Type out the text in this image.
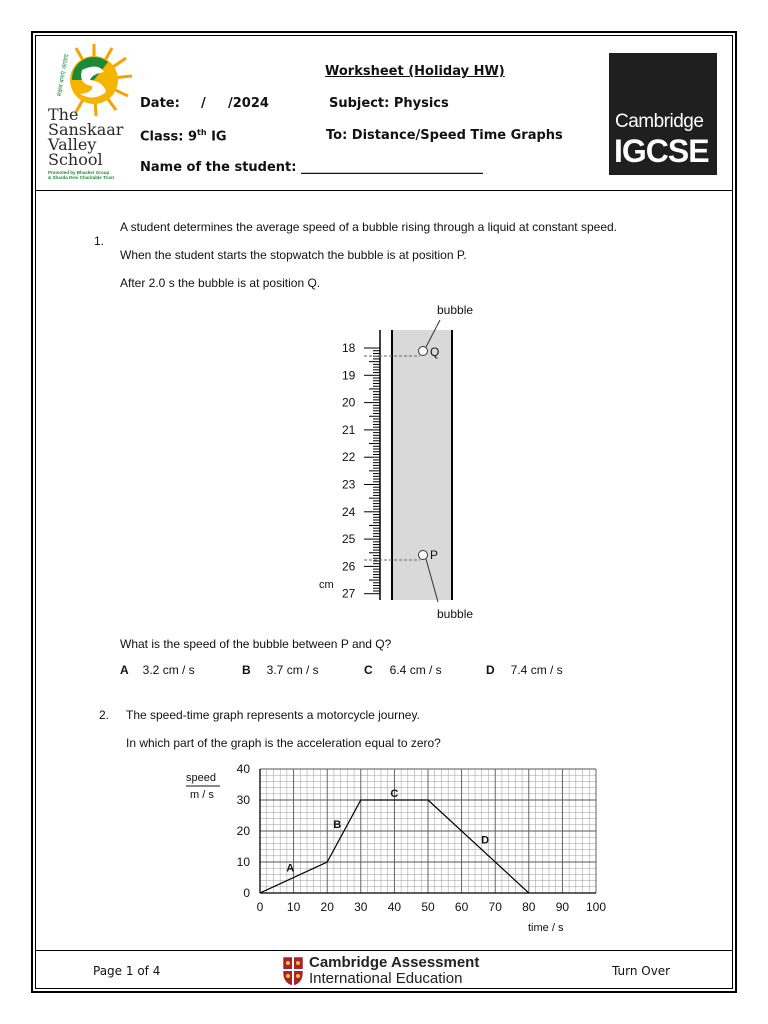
सक्षम बनाएं आज़ाद
The
Sanskaar
Valley
School
Promoted by Bhasker Group
& Sharda Devi Charitable Trust
Worksheet (Holiday HW)
Date: / /2024	Subject: Physics
Class: 9th IG	To: Distance/Speed Time Graphs
Name of the student: ____________________________
Cambridge
IGCSE
1.
A student determines the average speed of a bubble rising through a liquid at constant speed.
When the student starts the stopwatch the bubble is at position P.
After 2.0 s the bubble is at position Q.
18
19
20
21
22
23
24
25
26
27
cm
Q
P
bubble
bubble
What is the speed of the bubble between P and Q?
A 3.2 cm / s	B 3.7 cm / s	C 6.4 cm / s	D 7.4 cm / s
2. The speed-time graph represents a motorcycle journey.
In which part of the graph is the acceleration equal to zero?
0 10 20 30 40 50 60 70 80 90 100
0
10
20
30
40
A
B
C
D
speed
m / s
time / s
Page 1 of 4	Cambridge Assessment
International Education	Turn Over
